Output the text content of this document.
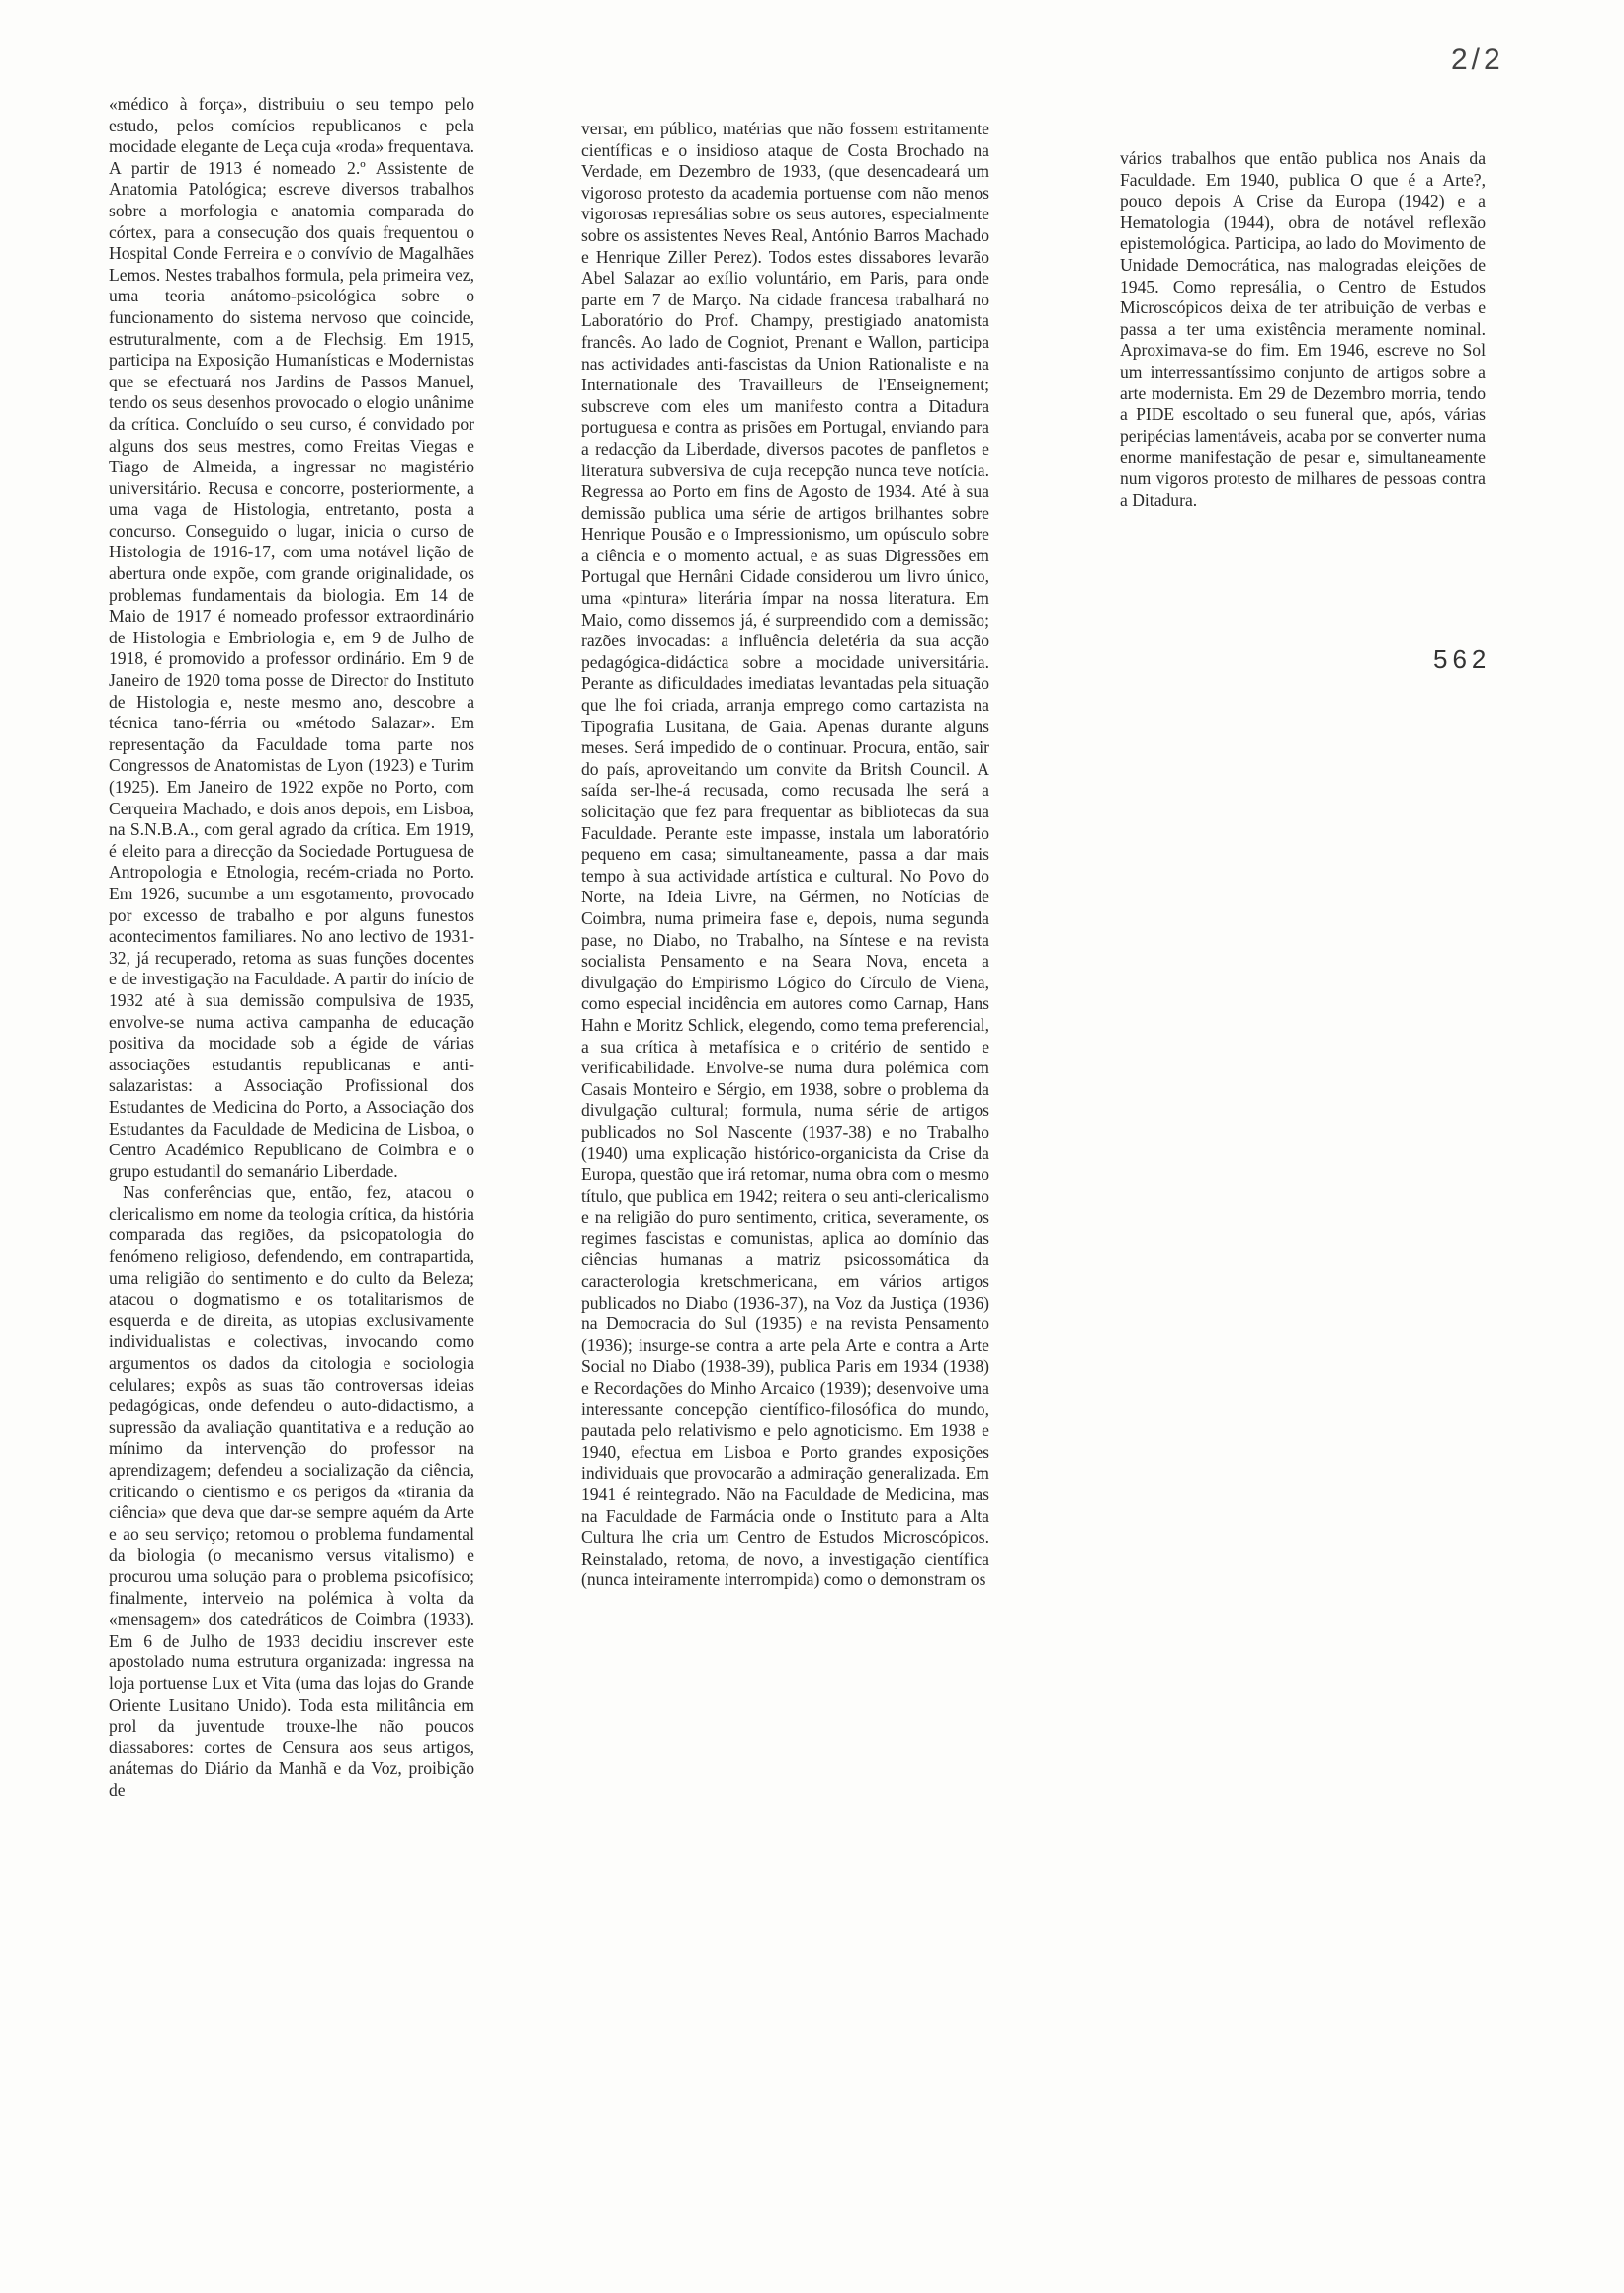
2/2

«médico à força», distribuiu o seu tempo pelo estudo, pelos comícios republicanos e pela mocidade elegante de Leça cuja «roda» frequentava. A partir de 1913 é nomeado 2.º Assistente de Anatomia Patológica; escreve diversos trabalhos sobre a morfologia e anatomia comparada do córtex, para a consecução dos quais frequentou o Hospital Conde Ferreira e o convívio de Magalhães Lemos. Nestes trabalhos formula, pela primeira vez, uma teoria anátomo-psicológica sobre o funcionamento do sistema nervoso que coincide, estruturalmente, com a de Flechsig. Em 1915, participa na Exposição Humanísticas e Modernistas que se efectuará nos Jardins de Passos Manuel, tendo os seus desenhos provocado o elogio unânime da crítica. Concluído o seu curso, é convidado por alguns dos seus mestres, como Freitas Viegas e Tiago de Almeida, a ingressar no magistério universitário. Recusa e concorre, posteriormente, a uma vaga de Histologia, entretanto, posta a concurso. Conseguido o lugar, inicia o curso de Histologia de 1916-17, com uma notável lição de abertura onde expõe, com grande originalidade, os problemas fundamentais da biologia. Em 14 de Maio de 1917 é nomeado professor extraordinário de Histologia e Embriologia e, em 9 de Julho de 1918, é promovido a professor ordinário. Em 9 de Janeiro de 1920 toma posse de Director do Instituto de Histologia e, neste mesmo ano, descobre a técnica tano-férria ou «método Salazar». Em representação da Faculdade toma parte nos Congressos de Anatomistas de Lyon (1923) e Turim (1925). Em Janeiro de 1922 expõe no Porto, com Cerqueira Machado, e dois anos depois, em Lisboa, na S.N.B.A., com geral agrado da crítica. Em 1919, é eleito para a direcção da Sociedade Portuguesa de Antropologia e Etnologia, recém-criada no Porto. Em 1926, sucumbe a um esgotamento, provocado por excesso de trabalho e por alguns funestos acontecimentos familiares. No ano lectivo de 1931-32, já recuperado, retoma as suas funções docentes e de investigação na Faculdade. A partir do início de 1932 até à sua demissão compulsiva de 1935, envolve-se numa activa campanha de educação positiva da mocidade sob a égide de várias associações estudantis republicanas e anti-salazaristas: a Associação Profissional dos Estudantes de Medicina do Porto, a Associação dos Estudantes da Faculdade de Medicina de Lisboa, o Centro Académico Republicano de Coimbra e o grupo estudantil do semanário Liberdade.

Nas conferências que, então, fez, atacou o clericalismo em nome da teologia crítica, da história comparada das regiões, da psicopatologia do fenómeno religioso, defendendo, em contrapartida, uma religião do sentimento e do culto da Beleza; atacou o dogmatismo e os totalitarismos de esquerda e de direita, as utopias exclusivamente individualistas e colectivas, invocando como argumentos os dados da citologia e sociologia celulares; expôs as suas tão controversas ideias pedagógicas, onde defendeu o auto-didactismo, a supressão da avaliação quantitativa e a redução ao mínimo da intervenção do professor na aprendizagem; defendeu a socialização da ciência, criticando o cientismo e os perigos da «tirania da ciência» que deva que dar-se sempre aquém da Arte e ao seu serviço; retomou o problema fundamental da biologia (o mecanismo versus vitalismo) e procurou uma solução para o problema psicofísico; finalmente, interveio na polémica à volta da «mensagem» dos catedráticos de Coimbra (1933). Em 6 de Julho de 1933 decidiu inscrever este apostolado numa estrutura organizada: ingressa na loja portuense Lux et Vita (uma das lojas do Grande Oriente Lusitano Unido). Toda esta militância em prol da juventude trouxe-lhe não poucos diassabores: cortes de Censura aos seus artigos, anátemas do Diário da Manhã e da Voz, proibição de

versar, em público, matérias que não fossem estritamente científicas e o insidioso ataque de Costa Brochado na Verdade, em Dezembro de 1933, (que desencadeará um vigoroso protesto da academia portuense com não menos vigorosas represálias sobre os seus autores, especialmente sobre os assistentes Neves Real, António Barros Machado e Henrique Ziller Perez). Todos estes dissabores levarão Abel Salazar ao exílio voluntário, em Paris, para onde parte em 7 de Março. Na cidade francesa trabalhará no Laboratório do Prof. Champy, prestigiado anatomista francês. Ao lado de Cogniot, Prenant e Wallon, participa nas actividades anti-fascistas da Union Rationaliste e na Internationale des Travailleurs de l'Enseignement; subscreve com eles um manifesto contra a Ditadura portuguesa e contra as prisões em Portugal, enviando para a redacção da Liberdade, diversos pacotes de panfletos e literatura subversiva de cuja recepção nunca teve notícia. Regressa ao Porto em fins de Agosto de 1934. Até à sua demissão publica uma série de artigos brilhantes sobre Henrique Pousão e o Impressionismo, um opúsculo sobre a ciência e o momento actual, e as suas Digressões em Portugal que Hernâni Cidade considerou um livro único, uma «pintura» literária ímpar na nossa literatura. Em Maio, como dissemos já, é surpreendido com a demissão; razões invocadas: a influência deletéria da sua acção pedagógica-didáctica sobre a mocidade universitária. Perante as dificuldades imediatas levantadas pela situação que lhe foi criada, arranja emprego como cartazista na Tipografia Lusitana, de Gaia. Apenas durante alguns meses. Será impedido de o continuar. Procura, então, sair do país, aproveitando um convite da Britsh Council. A saída ser-lhe-á recusada, como recusada lhe será a solicitação que fez para frequentar as bibliotecas da sua Faculdade. Perante este impasse, instala um laboratório pequeno em casa; simultaneamente, passa a dar mais tempo à sua actividade artística e cultural. No Povo do Norte, na Ideia Livre, na Gérmen, no Notícias de Coimbra, numa primeira fase e, depois, numa segunda pase, no Diabo, no Trabalho, na Síntese e na revista socialista Pensamento e na Seara Nova, enceta a divulgação do Empirismo Lógico do Círculo de Viena, como especial incidência em autores como Carnap, Hans Hahn e Moritz Schlick, elegendo, como tema preferencial, a sua crítica à metafísica e o critério de sentido e verificabilidade. Envolve-se numa dura polémica com Casais Monteiro e Sérgio, em 1938, sobre o problema da divulgação cultural; formula, numa série de artigos publicados no Sol Nascente (1937-38) e no Trabalho (1940) uma explicação histórico-organicista da Crise da Europa, questão que irá retomar, numa obra com o mesmo título, que publica em 1942; reitera o seu anti-clericalismo e na religião do puro sentimento, critica, severamente, os regimes fascistas e comunistas, aplica ao domínio das ciências humanas a matriz psicossomática da caracterologia kretschmericana, em vários artigos publicados no Diabo (1936-37), na Voz da Justiça (1936) na Democracia do Sul (1935) e na revista Pensamento (1936); insurge-se contra a arte pela Arte e contra a Arte Social no Diabo (1938-39), publica Paris em 1934 (1938) e Recordações do Minho Arcaico (1939); desenvoive uma interessante concepção científico-filosófica do mundo, pautada pelo relativismo e pelo agnoticismo. Em 1938 e 1940, efectua em Lisboa e Porto grandes exposições individuais que provocarão a admiração generalizada. Em 1941 é reintegrado. Não na Faculdade de Medicina, mas na Faculdade de Farmácia onde o Instituto para a Alta Cultura lhe cria um Centro de Estudos Microscópicos. Reinstalado, retoma, de novo, a investigação científica (nunca inteiramente interrompida) como o demonstram os

vários trabalhos que então publica nos Anais da Faculdade. Em 1940, publica O que é a Arte?, pouco depois A Crise da Europa (1942) e a Hematologia (1944), obra de notável reflexão epistemológica. Participa, ao lado do Movimento de Unidade Democrática, nas malogradas eleições de 1945. Como represália, o Centro de Estudos Microscópicos deixa de ter atribuição de verbas e passa a ter uma existência meramente nominal. Aproximava-se do fim. Em 1946, escreve no Sol um interressantíssimo conjunto de artigos sobre a arte modernista. Em 29 de Dezembro morria, tendo a PIDE escoltado o seu funeral que, após, várias peripécias lamentáveis, acaba por se converter numa enorme manifestação de pesar e, simultaneamente num vigoros protesto de milhares de pessoas contra a Ditadura.

562
